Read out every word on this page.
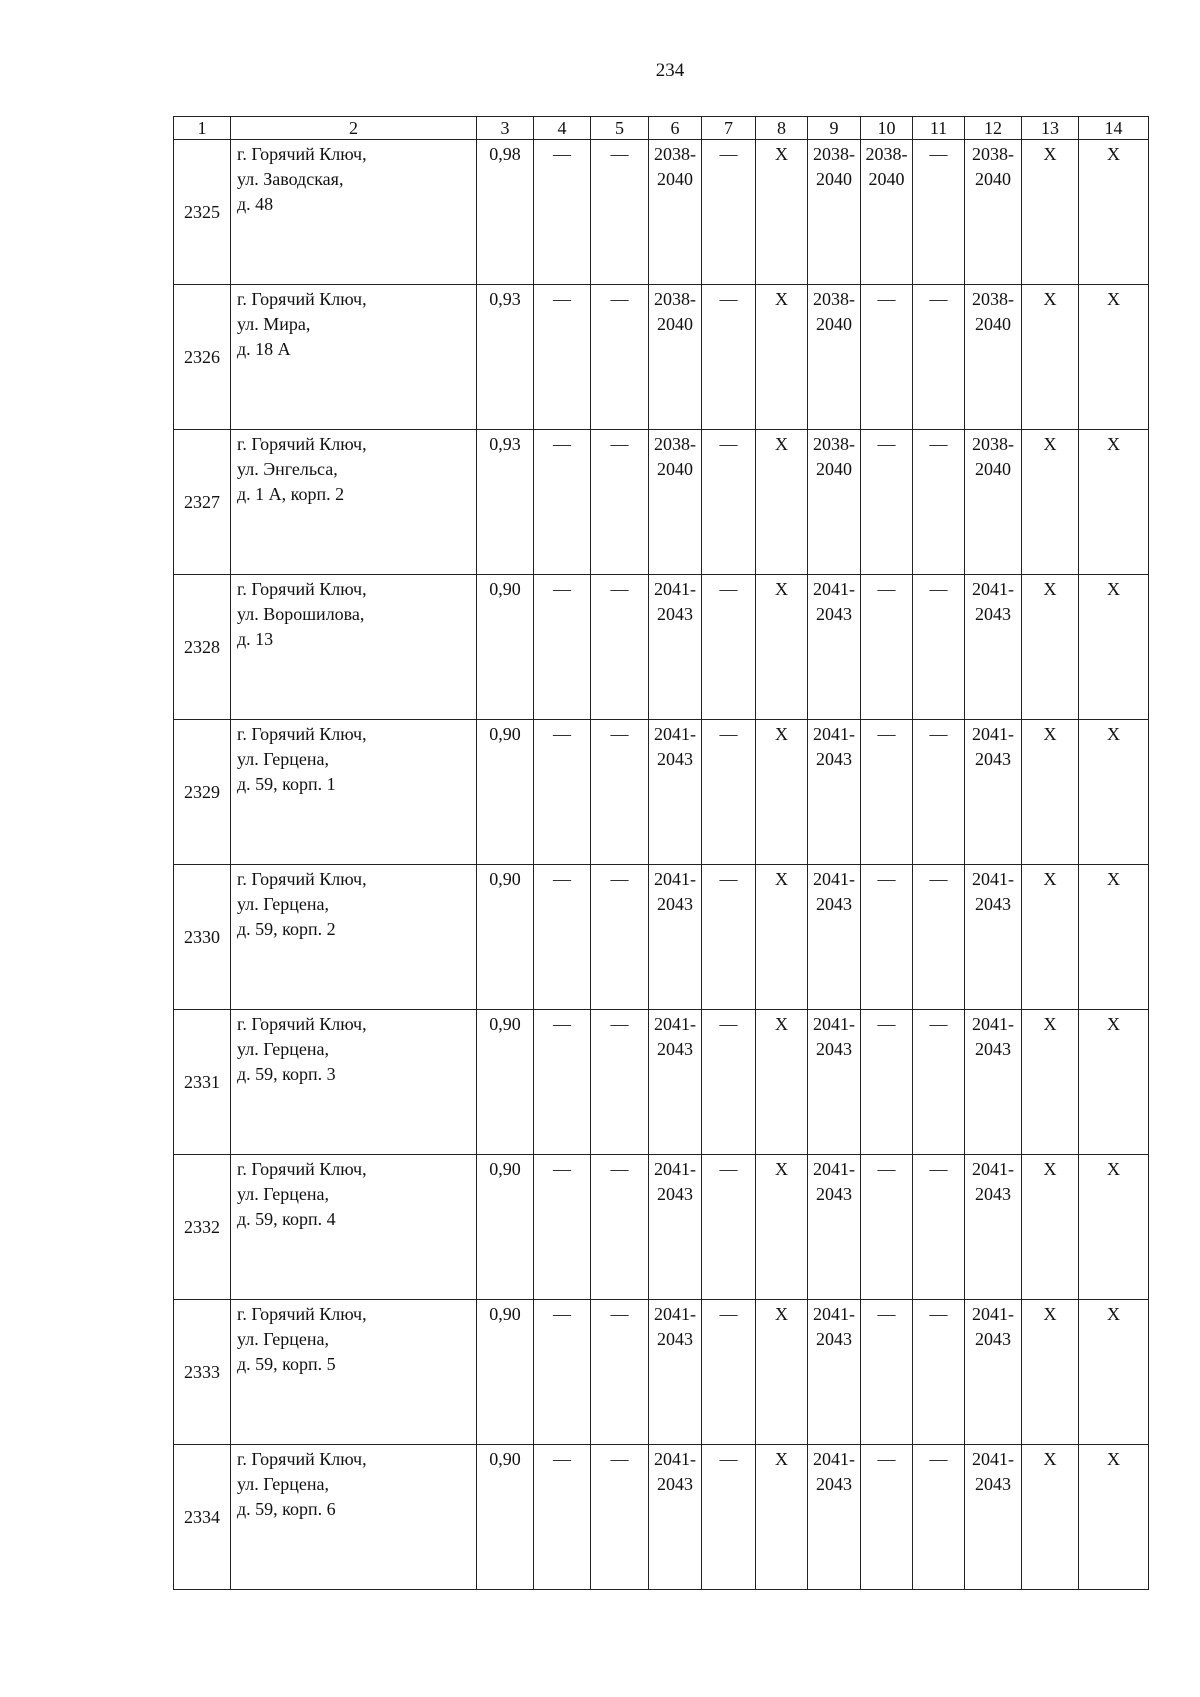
234
1	2	3	4	5	6	7	8	9	10	11	12	13	14
2325	г. Горячий Ключ,
ул. Заводская,
д. 48	0,98	—	—	2038-
2040	—	Х	2038-
2040	2038-
2040	—	2038-
2040	Х	Х
2326	г. Горячий Ключ,
ул. Мира,
д. 18 А	0,93	—	—	2038-
2040	—	Х	2038-
2040	—	—	2038-
2040	Х	Х
2327	г. Горячий Ключ,
ул. Энгельса,
д. 1 А, корп. 2	0,93	—	—	2038-
2040	—	Х	2038-
2040	—	—	2038-
2040	Х	Х
2328	г. Горячий Ключ,
ул. Ворошилова,
д. 13	0,90	—	—	2041-
2043	—	Х	2041-
2043	—	—	2041-
2043	Х	Х
2329	г. Горячий Ключ,
ул. Герцена,
д. 59, корп. 1	0,90	—	—	2041-
2043	—	Х	2041-
2043	—	—	2041-
2043	Х	Х
2330	г. Горячий Ключ,
ул. Герцена,
д. 59, корп. 2	0,90	—	—	2041-
2043	—	Х	2041-
2043	—	—	2041-
2043	Х	Х
2331	г. Горячий Ключ,
ул. Герцена,
д. 59, корп. 3	0,90	—	—	2041-
2043	—	Х	2041-
2043	—	—	2041-
2043	Х	Х
2332	г. Горячий Ключ,
ул. Герцена,
д. 59, корп. 4	0,90	—	—	2041-
2043	—	Х	2041-
2043	—	—	2041-
2043	Х	Х
2333	г. Горячий Ключ,
ул. Герцена,
д. 59, корп. 5	0,90	—	—	2041-
2043	—	Х	2041-
2043	—	—	2041-
2043	Х	Х
2334	г. Горячий Ключ,
ул. Герцена,
д. 59, корп. 6	0,90	—	—	2041-
2043	—	Х	2041-
2043	—	—	2041-
2043	Х	Х
